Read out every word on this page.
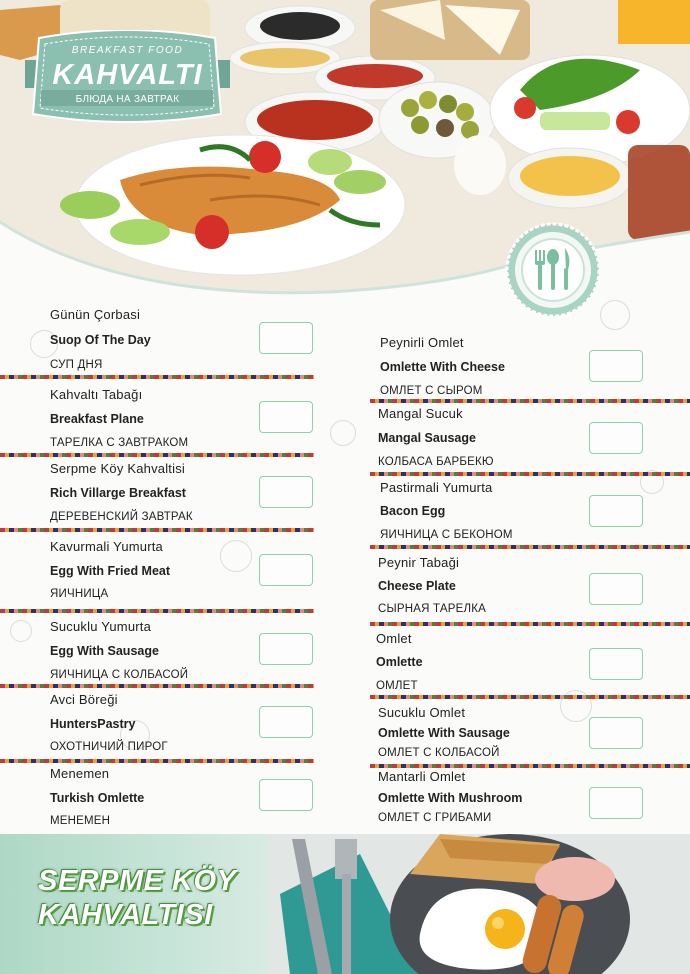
BREAKFAST FOOD
KAHVALTI
БЛЮДА НА ЗАВТРАК
Günün Çorbasi
Suop Of The Day
СУП ДНЯ
Kahvaltı Tabağı
Breakfast Plane
ТАРЕЛКА С ЗАВТРАКОМ
Serpme Köy Kahvaltisi
Rich Villarge Breakfast
ДЕРЕВЕНСКИЙ ЗАВТРАК
Kavurmali Yumurta
Egg With Fried Meat
ЯИЧНИЦА
Sucuklu Yumurta
Egg With Sausage
ЯИЧНИЦА С КОЛБАСОЙ
Avci Böreği
HuntersPastry
ОХОТНИЧИЙ ПИРОГ
Menemen
Turkish Omlette
МЕНЕМЕН
Peynirli Omlet
Omlette With Cheese
ОМЛЕТ С СЫРОМ
Mangal Sucuk
Mangal Sausage
КОЛБАСА БАРБЕКЮ
Pastirmali Yumurta
Bacon Egg
ЯИЧНИЦА С БЕКОНОМ
Peynir Tabaği
Cheese Plate
СЫРНАЯ ТАРЕЛКА
Omlet
Omlette
ОМЛЕТ
Sucuklu Omlet
Omlette With Sausage
ОМЛЕТ С КОЛБАСОЙ
Mantarli Omlet
Omlette With Mushroom
ОМЛЕТ С ГРИБАМИ
SERPME KÖY
KAHVALTISI
